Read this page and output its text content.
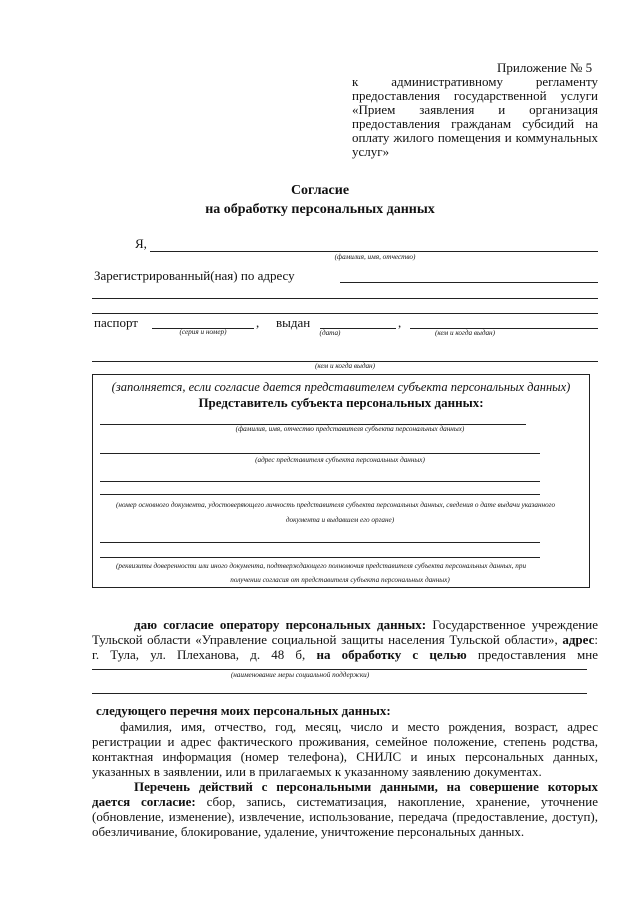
Приложение № 5
к административному регламенту
предоставления государственной услуги
«Прием заявления и организация
предоставления гражданам субсидий на
оплату жилого помещения и коммунальных
услуг»
Согласие
на обработку персональных данных
Я,
(фамилия, имя, отчество)
Зарегистрированный(ная) по адресу
паспорт
(серия и номер)
, выдан
(дата)
,
(кем и когда выдан)
(кем и когда выдан)
(заполняется, если согласие дается представителем субъекта персональных данных)
Представитель субъекта персональных данных:
(фамилия, имя, отчество представителя субъекта персональных данных)
(адрес представителя субъекта персональных данных)
(номер основного документа, удостоверяющего личность представителя субъекта персональных данных, сведения о дате выдачи указанного
документа и выдавшем его органе)
(реквизиты доверенности или иного документа, подтверждающего полномочия представителя субъекта персональных данных, при
получении согласия от представителя субъекта персональных данных)
даю согласие оператору персональных данных: Государственное учреждение
Тульской области «Управление социальной защиты населения Тульской области», адрес:
г. Тула, ул. Плеханова, д. 48 б, на обработку с целью предоставления мне
(наименование меры социальной поддержки)
следующего перечня моих персональных данных:
фамилия, имя, отчество, год, месяц, число и место рождения, возраст, адрес регистрации и адрес фактического проживания, семейное положение, степень родства, контактная информация (номер телефона), СНИЛС и иных персональных данных, указанных в заявлении, или в прилагаемых к указанному заявлению документах.
Перечень действий с персональными данными, на совершение которых дается согласие: сбор, запись, систематизация, накопление, хранение, уточнение (обновление, изменение), извлечение, использование, передача (предоставление, доступ), обезличивание, блокирование, удаление, уничтожение персональных данных.
